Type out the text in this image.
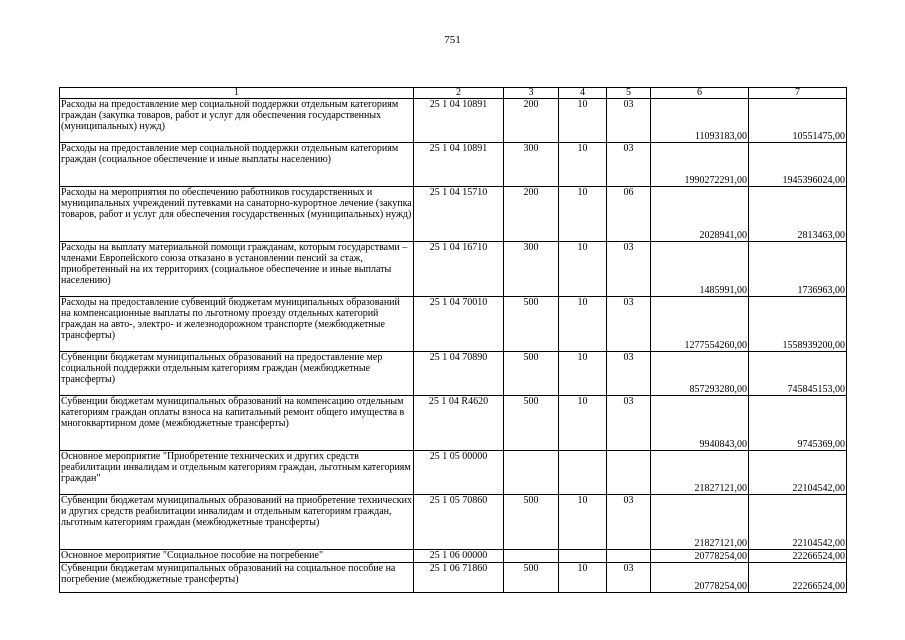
751
1	2	3	4	5	6	7
Расходы на предоставление мер социальной поддержки отдельным категориям граждан (закупка товаров, работ и услуг для обеспечения государственных (муниципальных) нужд)	25 1 04 10891	200	10	03	11093183,00	10551475,00
Расходы на предоставление мер социальной поддержки отдельным категориям граждан (социальное обеспечение и иные выплаты населению)	25 1 04 10891	300	10	03	1990272291,00	1945396024,00
Расходы на мероприятия по обеспечению работников государственных и муниципальных учреждений путевками на санаторно-курортное лечение (закупка товаров, работ и услуг для обеспечения государственных (муниципальных) нужд)	25 1 04 15710	200	10	06	2028941,00	2813463,00
Расходы на выплату материальной помощи гражданам, которым государствами – членами Европейского союза отказано в установлении пенсий за стаж, приобретенный на их территориях (социальное обеспечение и иные выплаты населению)	25 1 04 16710	300	10	03	1485991,00	1736963,00
Расходы на предоставление субвенций бюджетам муниципальных образований на компенсационные выплаты по льготному проезду отдельных категорий граждан на авто-, электро- и железнодорожном транспорте (межбюджетные трансферты)	25 1 04 70010	500	10	03	1277554260,00	1558939200,00
Субвенции бюджетам муниципальных образований на предоставление мер социальной поддержки отдельным категориям граждан (межбюджетные трансферты)	25 1 04 70890	500	10	03	857293280,00	745845153,00
Субвенции бюджетам муниципальных образований на компенсацию отдельным категориям граждан оплаты взноса на капитальный ремонт общего имущества в многоквартирном доме (межбюджетные трансферты)	25 1 04 R4620	500	10	03	9940843,00	9745369,00
Основное мероприятие "Приобретение технических и других средств реабилитации инвалидам и отдельным категориям граждан, льготным категориям граждан"	25 1 05 00000				21827121,00	22104542,00
Субвенции бюджетам муниципальных образований на приобретение технических и других средств реабилитации инвалидам и отдельным категориям граждан, льготным категориям граждан (межбюджетные трансферты)	25 1 05 70860	500	10	03	21827121,00	22104542,00
Основное мероприятие "Социальное пособие на погребение"	25 1 06 00000				20778254,00	22266524,00
Субвенции бюджетам муниципальных образований на социальное пособие на погребение (межбюджетные трансферты)	25 1 06 71860	500	10	03	20778254,00	22266524,00
